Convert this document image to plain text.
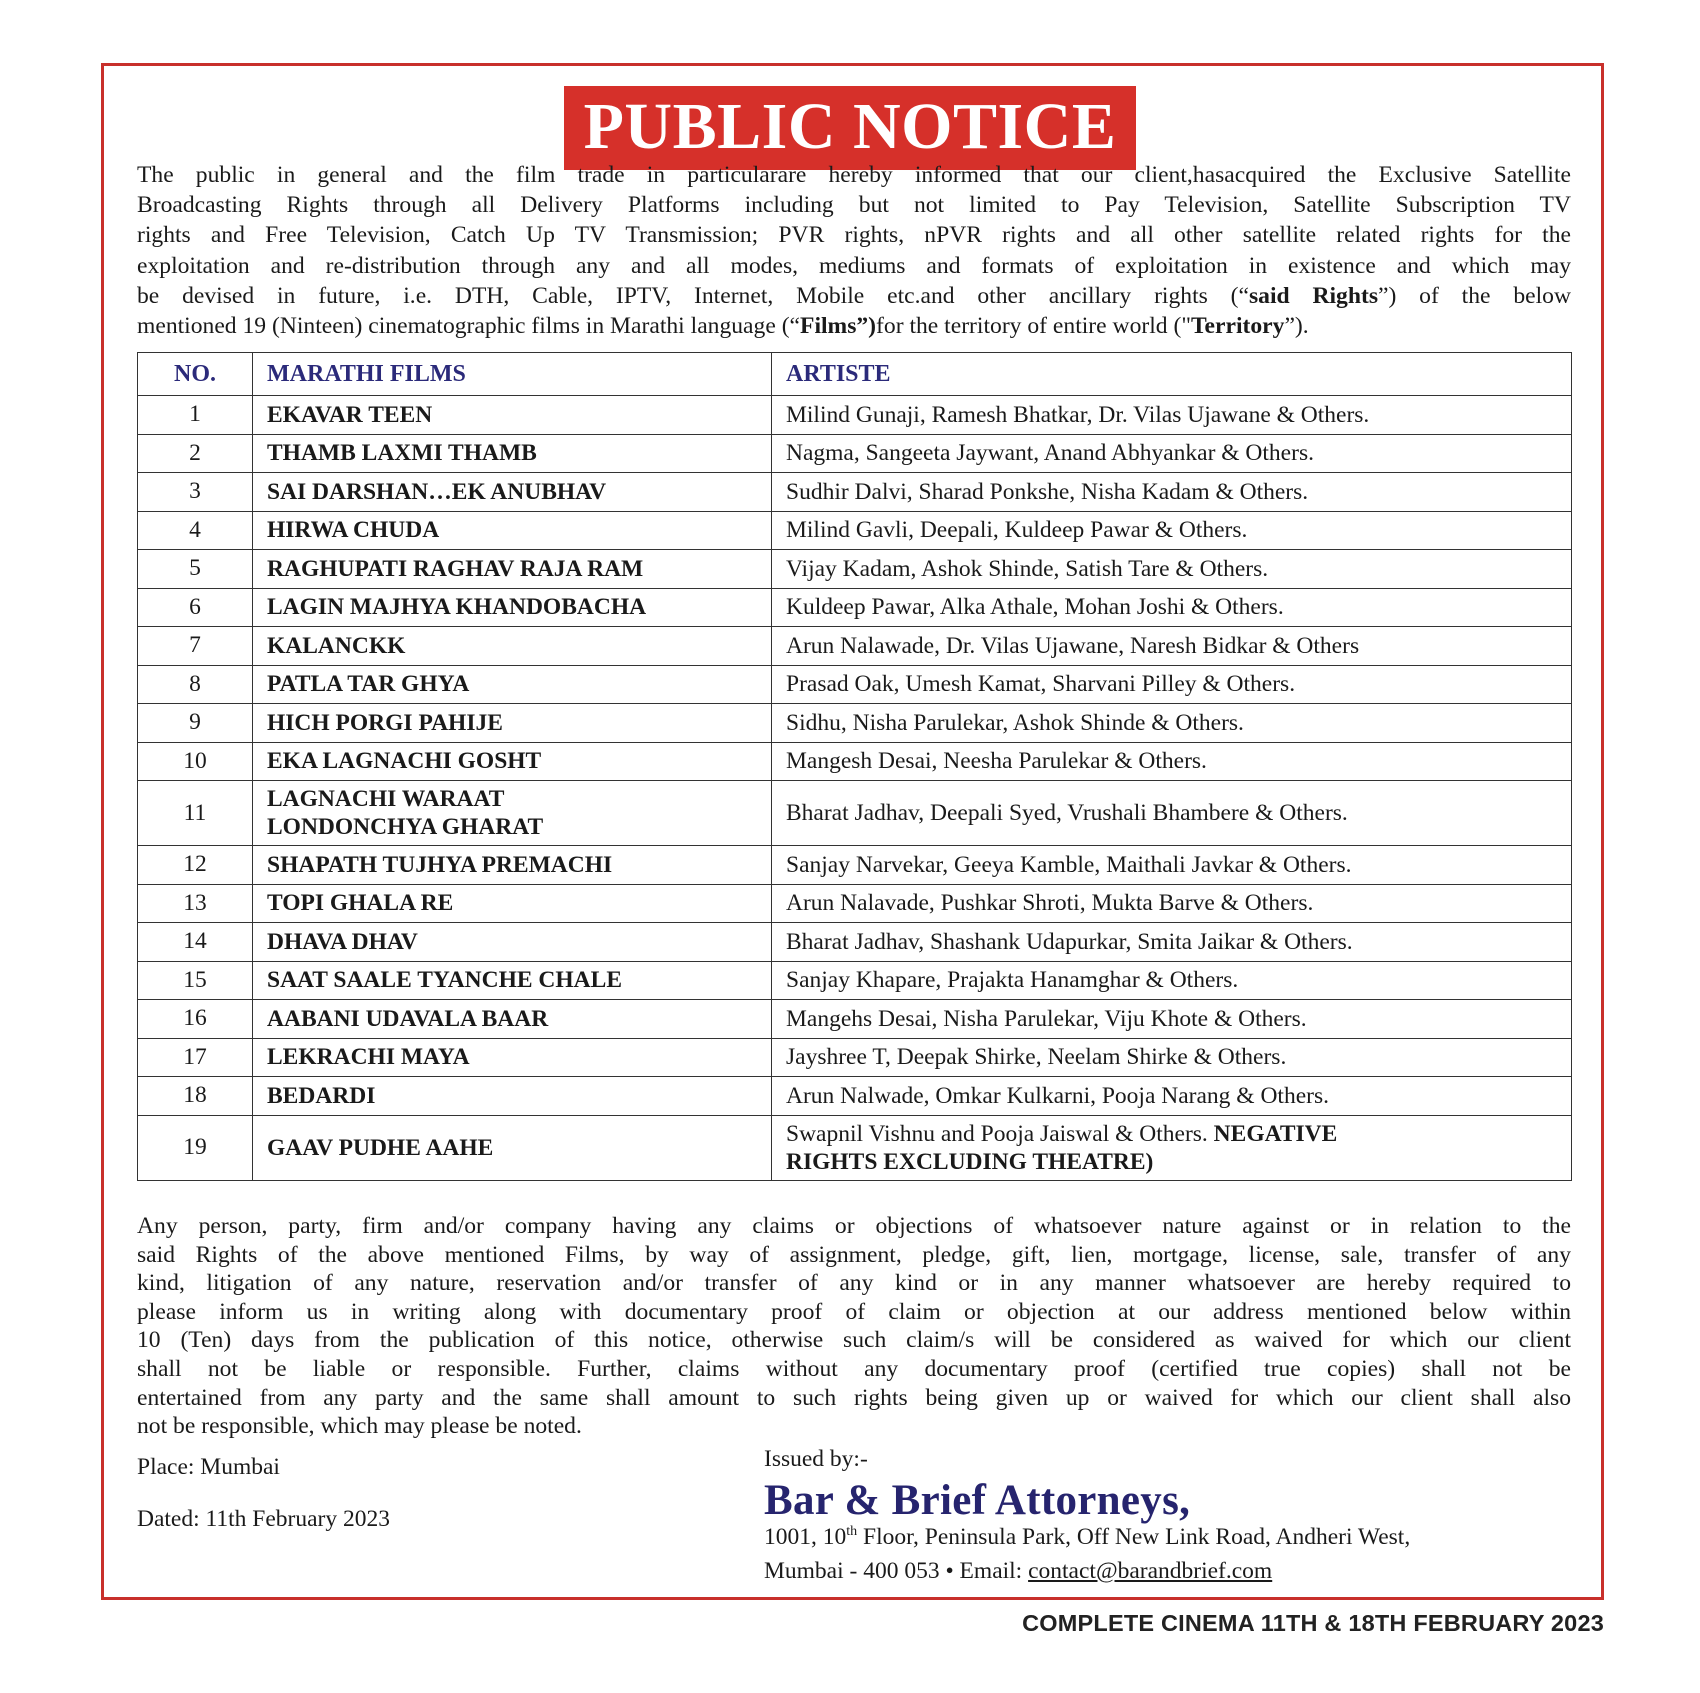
PUBLIC NOTICE
The public in general and the film trade in particularare hereby informed that our client,hasacquired the Exclusive Satellite
Broadcasting Rights through all Delivery Platforms including but not limited to Pay Television, Satellite Subscription TV
rights and Free Television, Catch Up TV Transmission; PVR rights, nPVR rights and all other satellite related rights for the
exploitation and re-distribution through any and all modes, mediums and formats of exploitation in existence and which may
be devised in future, i.e. DTH, Cable, IPTV, Internet, Mobile etc.and other ancillary rights (“said Rights”) of the below
mentioned 19 (Ninteen) cinematographic films in Marathi language (“Films”)for the territory of entire world ("Territory”).
NO.	MARATHI FILMS	ARTISTE
1	EKAVAR TEEN	Milind Gunaji, Ramesh Bhatkar, Dr. Vilas Ujawane & Others.
2	THAMB LAXMI THAMB	Nagma, Sangeeta Jaywant, Anand Abhyankar & Others.
3	SAI DARSHAN…EK ANUBHAV	Sudhir Dalvi, Sharad Ponkshe, Nisha Kadam & Others.
4	HIRWA CHUDA	Milind Gavli, Deepali, Kuldeep Pawar & Others.
5	RAGHUPATI RAGHAV RAJA RAM	Vijay Kadam, Ashok Shinde, Satish Tare & Others.
6	LAGIN MAJHYA KHANDOBACHA	Kuldeep Pawar, Alka Athale, Mohan Joshi & Others.
7	KALANCKK	Arun Nalawade, Dr. Vilas Ujawane, Naresh Bidkar & Others
8	PATLA TAR GHYA	Prasad Oak, Umesh Kamat, Sharvani Pilley & Others.
9	HICH PORGI PAHIJE	Sidhu, Nisha Parulekar, Ashok Shinde & Others.
10	EKA LAGNACHI GOSHT	Mangesh Desai, Neesha Parulekar & Others.
11	LAGNACHI WARAAT
LONDONCHYA GHARAT	Bharat Jadhav, Deepali Syed, Vrushali Bhambere & Others.
12	SHAPATH TUJHYA PREMACHI	Sanjay Narvekar, Geeya Kamble, Maithali Javkar & Others.
13	TOPI GHALA RE	Arun Nalavade, Pushkar Shroti, Mukta Barve & Others.
14	DHAVA DHAV	Bharat Jadhav, Shashank Udapurkar, Smita Jaikar & Others.
15	SAAT SAALE TYANCHE CHALE	Sanjay Khapare, Prajakta Hanamghar & Others.
16	AABANI UDAVALA BAAR	Mangehs Desai, Nisha Parulekar, Viju Khote & Others.
17	LEKRACHI MAYA	Jayshree T, Deepak Shirke, Neelam Shirke & Others.
18	BEDARDI	Arun Nalwade, Omkar Kulkarni, Pooja Narang & Others.
19	GAAV PUDHE AAHE	Swapnil Vishnu and Pooja Jaiswal & Others. NEGATIVE
RIGHTS EXCLUDING THEATRE)
Any person, party, firm and/or company having any claims or objections of whatsoever nature against or in relation to the
said Rights of the above mentioned Films, by way of assignment, pledge, gift, lien, mortgage, license, sale, transfer of any
kind, litigation of any nature, reservation and/or transfer of any kind or in any manner whatsoever are hereby required to
please inform us in writing along with documentary proof of claim or objection at our address mentioned below within
10 (Ten) days from the publication of this notice, otherwise such claim/s will be considered as waived for which our client
shall not be liable or responsible. Further, claims without any documentary proof (certified true copies) shall not be
entertained from any party and the same shall amount to such rights being given up or waived for which our client shall also
not be responsible, which may please be noted.
Place: Mumbai
Dated: 11th February 2023
Issued by:-
Bar & Brief Attorneys,
1001, 10th Floor, Peninsula Park, Off New Link Road, Andheri West,
Mumbai - 400 053 • Email: contact@barandbrief.com
COMPLETE CINEMA 11TH & 18TH FEBRUARY 2023
